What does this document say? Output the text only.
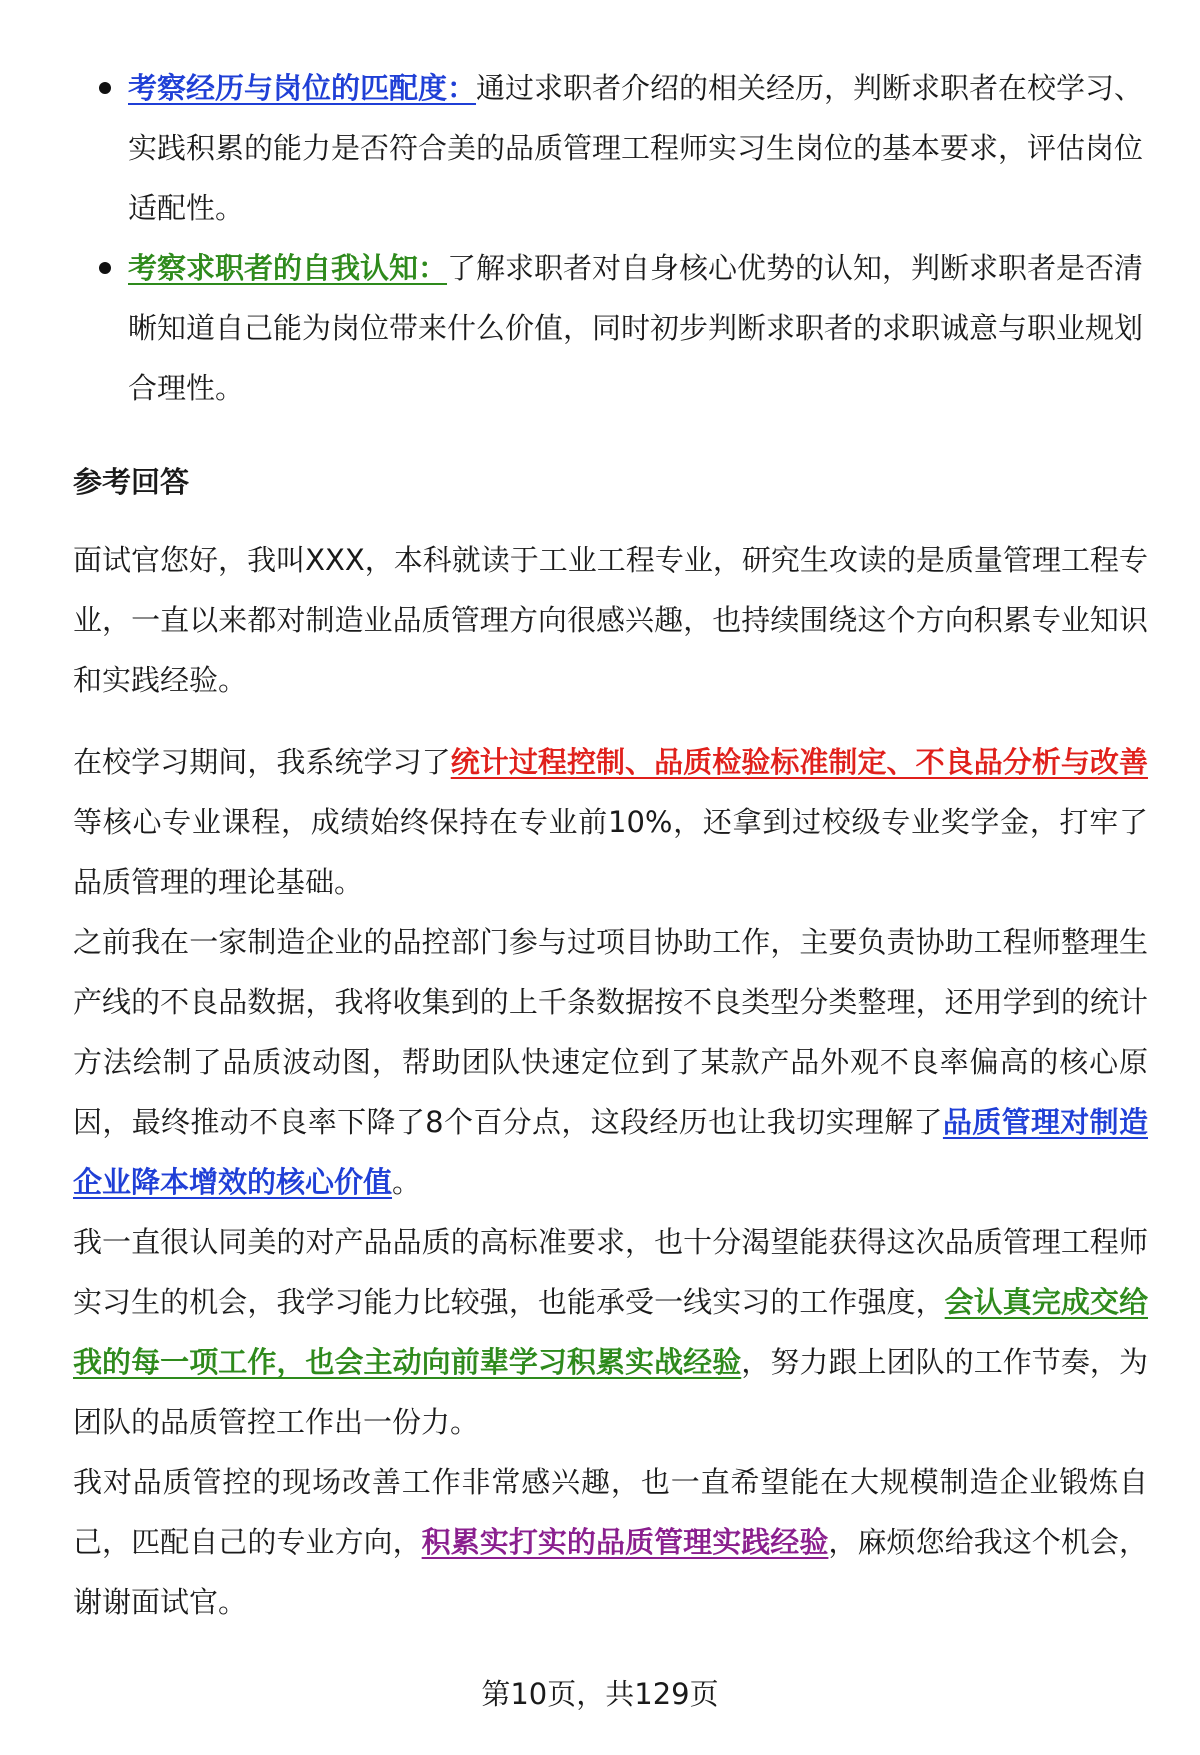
考察经历与岗位的匹配度：通过求职者介绍的相关经历，判断求职者在校学习、实践积累的能力是否符合美的品质管理工程师实习生岗位的基本要求，评估岗位适配性。
考察求职者的自我认知：了解求职者对自身核心优势的认知，判断求职者是否清晰知道自己能为岗位带来什么价值，同时初步判断求职者的求职诚意与职业规划合理性。
参考回答

面试官您好，我叫XXX，本科就读于工业工程专业，研究生攻读的是质量管理工程专业，一直以来都对制造业品质管理方向很感兴趣，也持续围绕这个方向积累专业知识和实践经验。

在校学习期间，我系统学习了统计过程控制、品质检验标准制定、不良品分析与改善等核心专业课程，成绩始终保持在专业前10%，还拿到过校级专业奖学金，打牢了品质管理的理论基础。

之前我在一家制造企业的品控部门参与过项目协助工作，主要负责协助工程师整理生产线的不良品数据，我将收集到的上千条数据按不良类型分类整理，还用学到的统计方法绘制了品质波动图，帮助团队快速定位到了某款产品外观不良率偏高的核心原因，最终推动不良率下降了8个百分点，这段经历也让我切实理解了品质管理对制造企业降本增效的核心价值。

我一直很认同美的对产品品质的高标准要求，也十分渴望能获得这次品质管理工程师实习生的机会，我学习能力比较强，也能承受一线实习的工作强度，会认真完成交给我的每一项工作，也会主动向前辈学习积累实战经验，努力跟上团队的工作节奏，为团队的品质管控工作出一份力。

我对品质管控的现场改善工作非常感兴趣，也一直希望能在大规模制造企业锻炼自己，匹配自己的专业方向，积累实打实的品质管理实践经验，麻烦您给我这个机会，谢谢面试官。

第10页，共129页
